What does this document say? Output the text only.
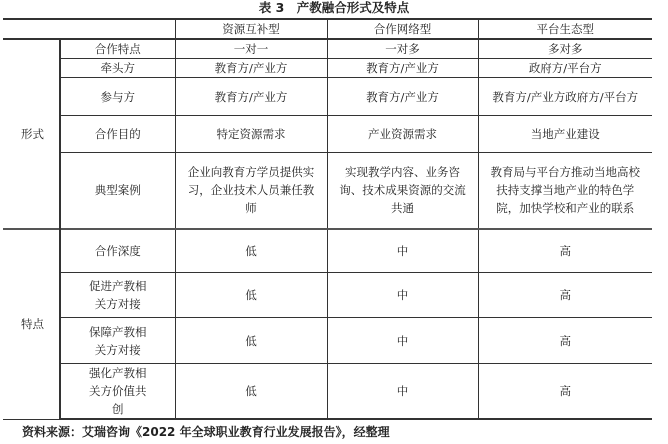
表 3　产教融合形式及特点
		资源互补型	合作网络型	平台生态型
形式	合作特点	一对一	一对多	多对多
	牵头方	教育方/产业方	教育方/产业方	政府方/平台方
	参与方	教育方/产业方	教育方/产业方	教育方/产业方政府方/平台方
	合作目的	特定资源需求	产业资源需求	当地产业建设
	典型案例	企业向教育方学员提供实习，企业技术人员兼任教师	实现教学内容、业务咨询、技术成果资源的交流共通	教育局与平台方推动当地高校扶持支撑当地产业的特色学院，加快学校和产业的联系
特点	合作深度	低	中	高
	促进产教相关方对接	低	中	高
	保障产教相关方对接	低	中	高
	强化产教相关方价值共创	低	中	高
资料来源：艾瑞咨询《2022 年全球职业教育行业发展报告》，经整理
